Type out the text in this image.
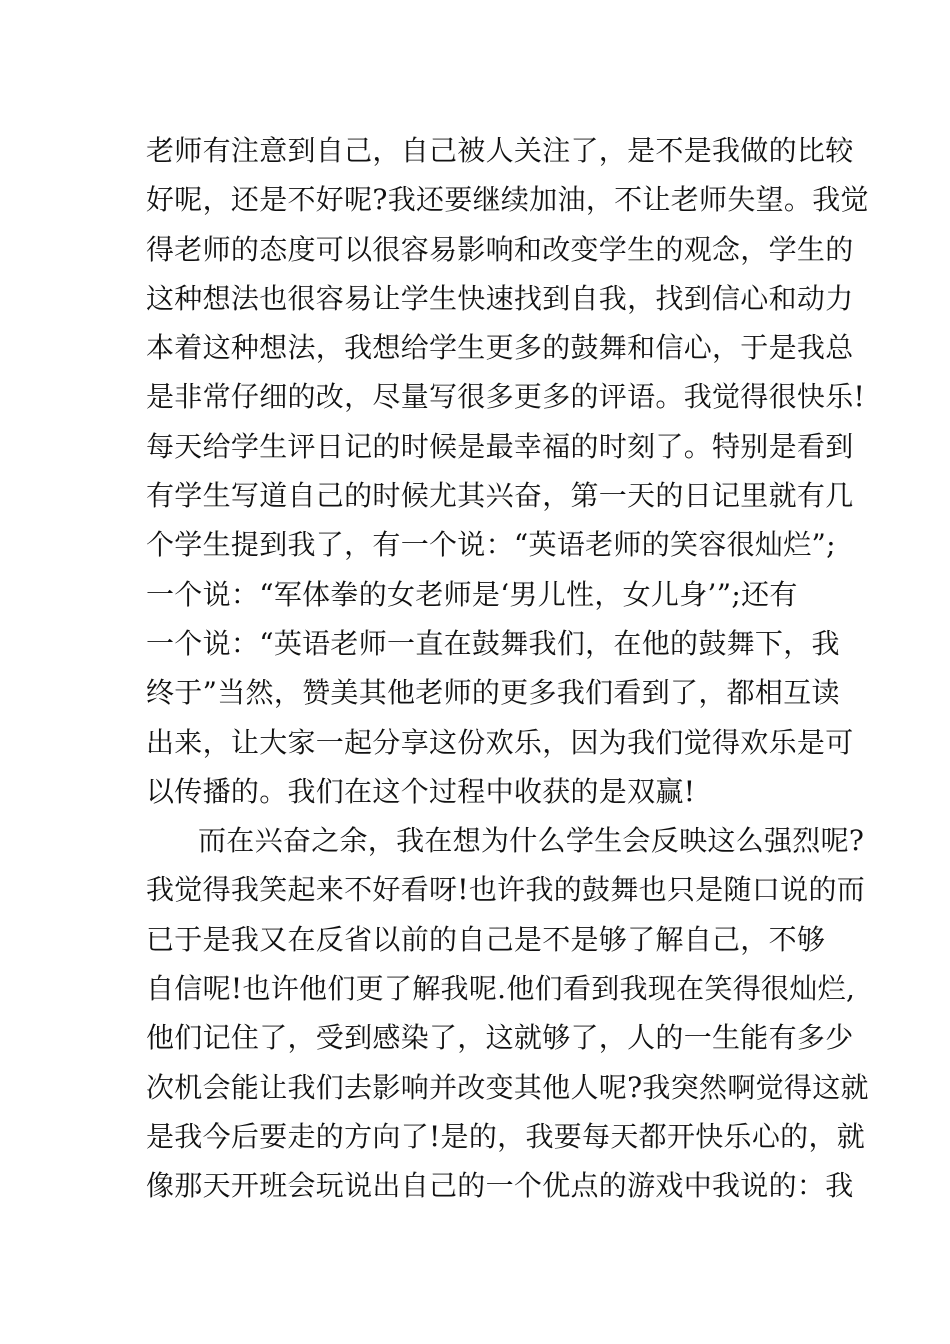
老师有注意到自己，自己被人关注了，是不是我做的比较
好呢，还是不好呢?我还要继续加油，不让老师失望。我觉
得老师的态度可以很容易影响和改变学生的观念，学生的
这种想法也很容易让学生快速找到自我，找到信心和动力
本着这种想法，我想给学生更多的鼓舞和信心，于是我总
是非常仔细的改，尽量写很多更多的评语。我觉得很快乐!
每天给学生评日记的时候是最幸福的时刻了。特别是看到
有学生写道自己的时候尤其兴奋，第一天的日记里就有几
个学生提到我了，有一个说：“英语老师的笑容很灿烂”;
一个说：“军体拳的女老师是‘男儿性，女儿身’”;还有
一个说：“英语老师一直在鼓舞我们，在他的鼓舞下，我
终于”当然，赞美其他老师的更多我们看到了，都相互读
出来，让大家一起分享这份欢乐，因为我们觉得欢乐是可
以传播的。我们在这个过程中收获的是双赢!
而在兴奋之余，我在想为什么学生会反映这么强烈呢?
我觉得我笑起来不好看呀!也许我的鼓舞也只是随口说的而
已于是我又在反省以前的自己是不是够了解自己，不够
自信呢!也许他们更了解我呢.他们看到我现在笑得很灿烂,
他们记住了，受到感染了，这就够了，人的一生能有多少
次机会能让我们去影响并改变其他人呢?我突然啊觉得这就
是我今后要走的方向了!是的，我要每天都开快乐心的，就
像那天开班会玩说出自己的一个优点的游戏中我说的：我
